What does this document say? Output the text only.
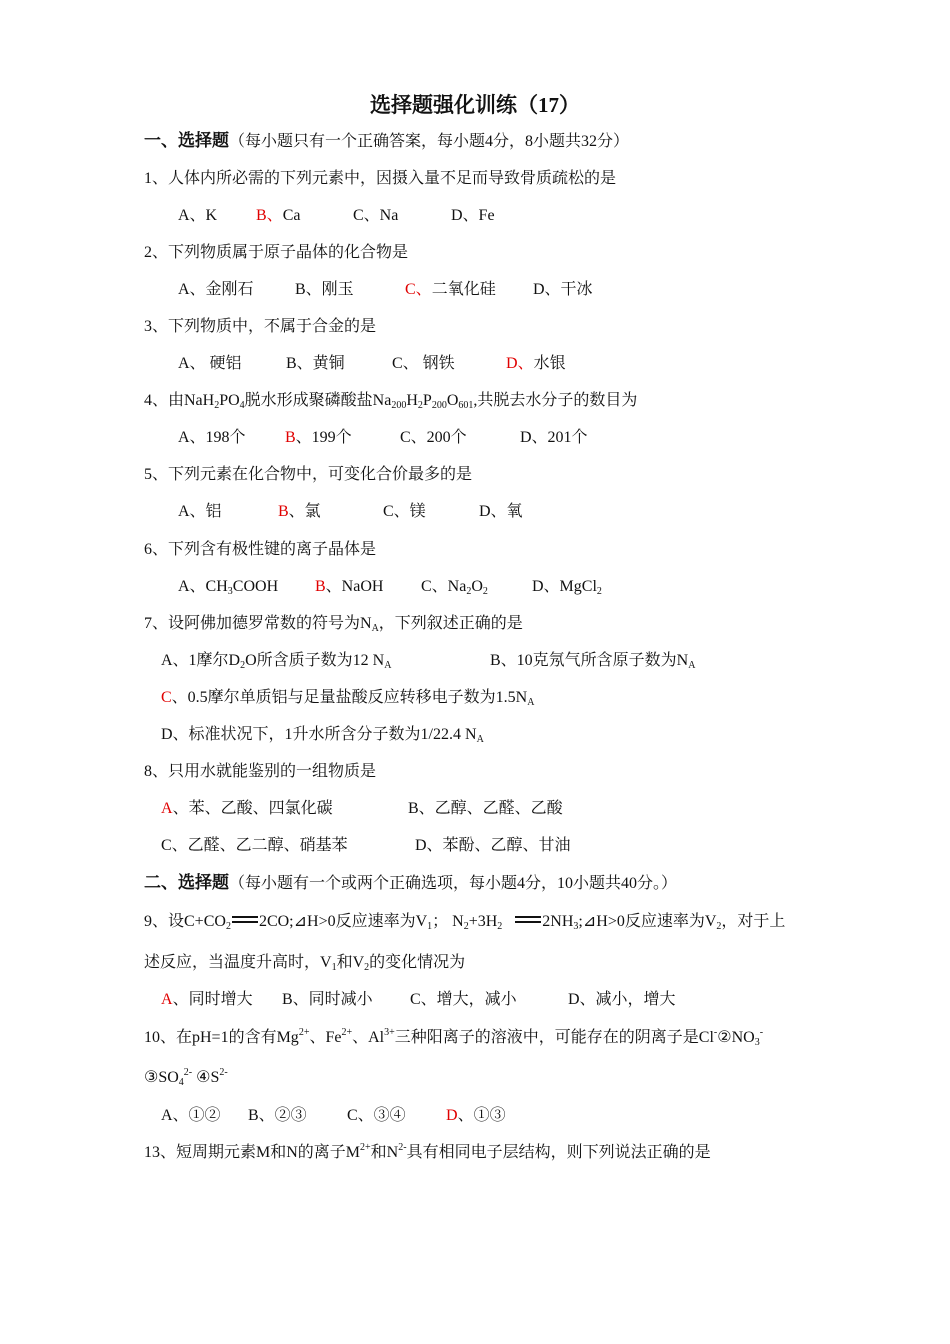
选择题强化训练（17）
一、选择题（每小题只有一个正确答案，每小题4分，8小题共32分）
1、人体内所必需的下列元素中，因摄入量不足而导致骨质疏松的是
A、K B、Ca	C、Na	D、Fe
2、下列物质属于原子晶体的化合物是
A、金刚石	B、刚玉	C、二氧化硅 D、干冰
3、下列物质中，不属于合金的是
A、 硬铝	B、黄铜	C、 钢铁	D、水银
4、由$NaH_2PO_4$脱水形成聚磷酸盐$Na_{200}H_2P_{200}O_{601}$,共脱去水分子的数目为
A、198个 B、199个	C、200个	D、201个
5、下列元素在化合物中，可变化合价最多的是
A、铝	B、氯	C、镁	D、氧
6、下列含有极性键的离子晶体是
A、$CH_3COOH$ B、NaOH C、$Na_2O_2$	D、MgCl$_2$
7、设阿佛加德罗常数的符号为$N_A$，下列叙述正确的是
A、1摩尔$D_2O$所含质子数为12 $N_A$	B、10克氖气所含原子数为$N_A$
C、0.5摩尔单质铝与足量盐酸反应转移电子数为$1.5N_A$
D、标准状况下，1升水所含分子数为1/22.4 $N_A$
8、只用水就能鉴别的一组物质是
A、苯、乙酸、四氯化碳	B、乙醇、乙醛、乙酸
C、乙醛、乙二醇、硝基苯	D、苯酚、乙醇、甘油
二、选择题（每小题有一个或两个正确选项，每小题4分，10小题共40分。）
9、设$C+CO_2$ 2CO;⊿H>0反应速率为$V_1$； $N_2+3H_2$	$2NH_3;⊿H>0$反应速率为$V_2$，对于上
述反应，当温度升高时，$V_1$和$V_2$的变化情况为
A、同时增大 B、同时减小 C、增大，减小	D、减小，增大
10、在pH=1的含有$Mg^{2+}$、$Fe^{2+}$、$Al^{3+}$三种阳离子的溶液中，可能存在的阴离子是$Cl^-②NO_3^-$
$③SO_4^{2-}$ $④S^{2-}$
A、①② B、②③	C、③④	D、①③
13、短周期元素M和N的离子$M^{2+}$和$N^{2-}$具有相同电子层结构，则下列说法正确的是
